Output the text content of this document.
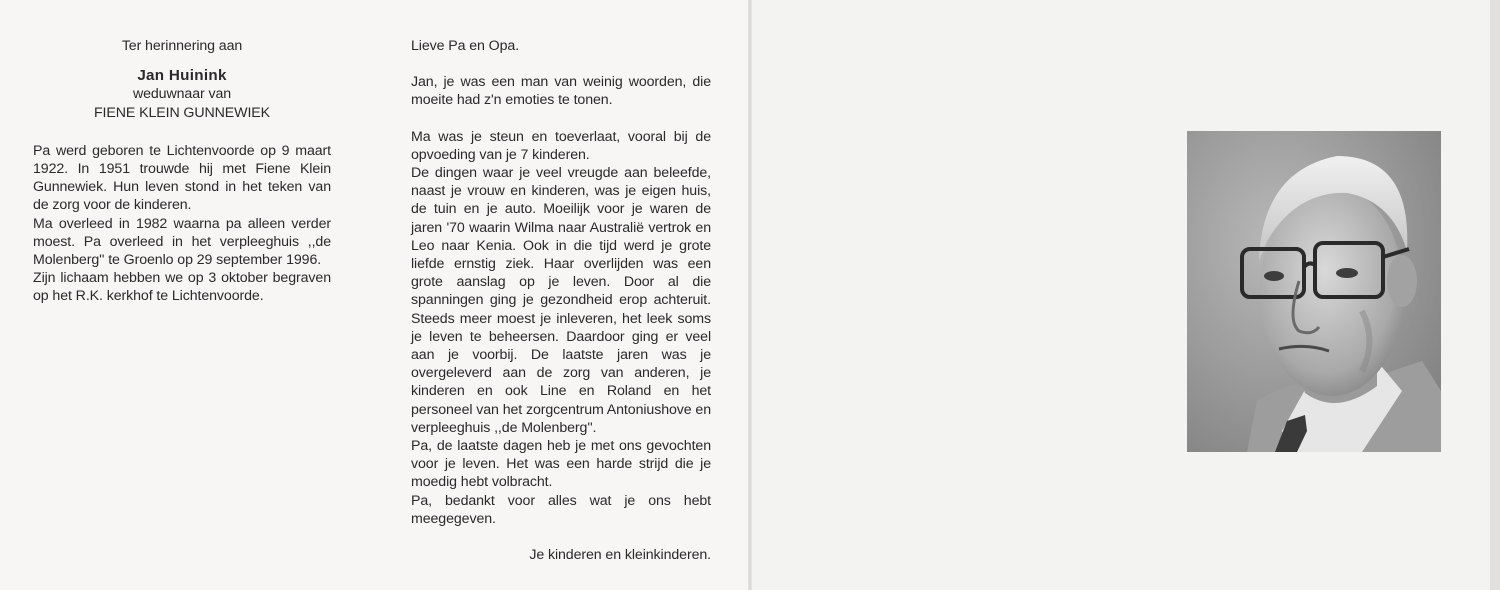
Ter herinnering aan
Jan Huinink
weduwnaar van
FIENE KLEIN GUNNEWIEK

Pa werd geboren te Lichtenvoorde op 9 maart 1922. In 1951 trouwde hij met Fiene Klein Gunnewiek. Hun leven stond in het teken van de zorg voor de kinderen.

Ma overleed in 1982 waarna pa alleen verder moest. Pa overleed in het verpleeghuis ,,de Molenberg'' te Groenlo op 29 september 1996.

Zijn lichaam hebben we op 3 oktober begraven op het R.K. kerkhof te Lichtenvoorde.

Lieve Pa en Opa.

Jan, je was een man van weinig woorden, die moeite had z'n emoties te tonen.

Ma was je steun en toeverlaat, vooral bij de opvoeding van je 7 kinderen.

De dingen waar je veel vreugde aan beleefde, naast je vrouw en kinderen, was je eigen huis, de tuin en je auto. Moeilijk voor je waren de jaren '70 waarin Wilma naar Australië vertrok en Leo naar Kenia. Ook in die tijd werd je grote liefde ernstig ziek. Haar overlijden was een grote aanslag op je leven. Door al die spanningen ging je gezondheid erop achteruit. Steeds meer moest je inleveren, het leek soms je leven te beheersen. Daardoor ging er veel aan je voorbij. De laatste jaren was je overgeleverd aan de zorg van anderen, je kinderen en ook Line en Roland en het personeel van het zorgcentrum Antoniushove en verpleeghuis ,,de Molenberg''.

Pa, de laatste dagen heb je met ons gevochten voor je leven. Het was een harde strijd die je moedig hebt volbracht.

Pa, bedankt voor alles wat je ons hebt meegegeven.

Je kinderen en kleinkinderen.
